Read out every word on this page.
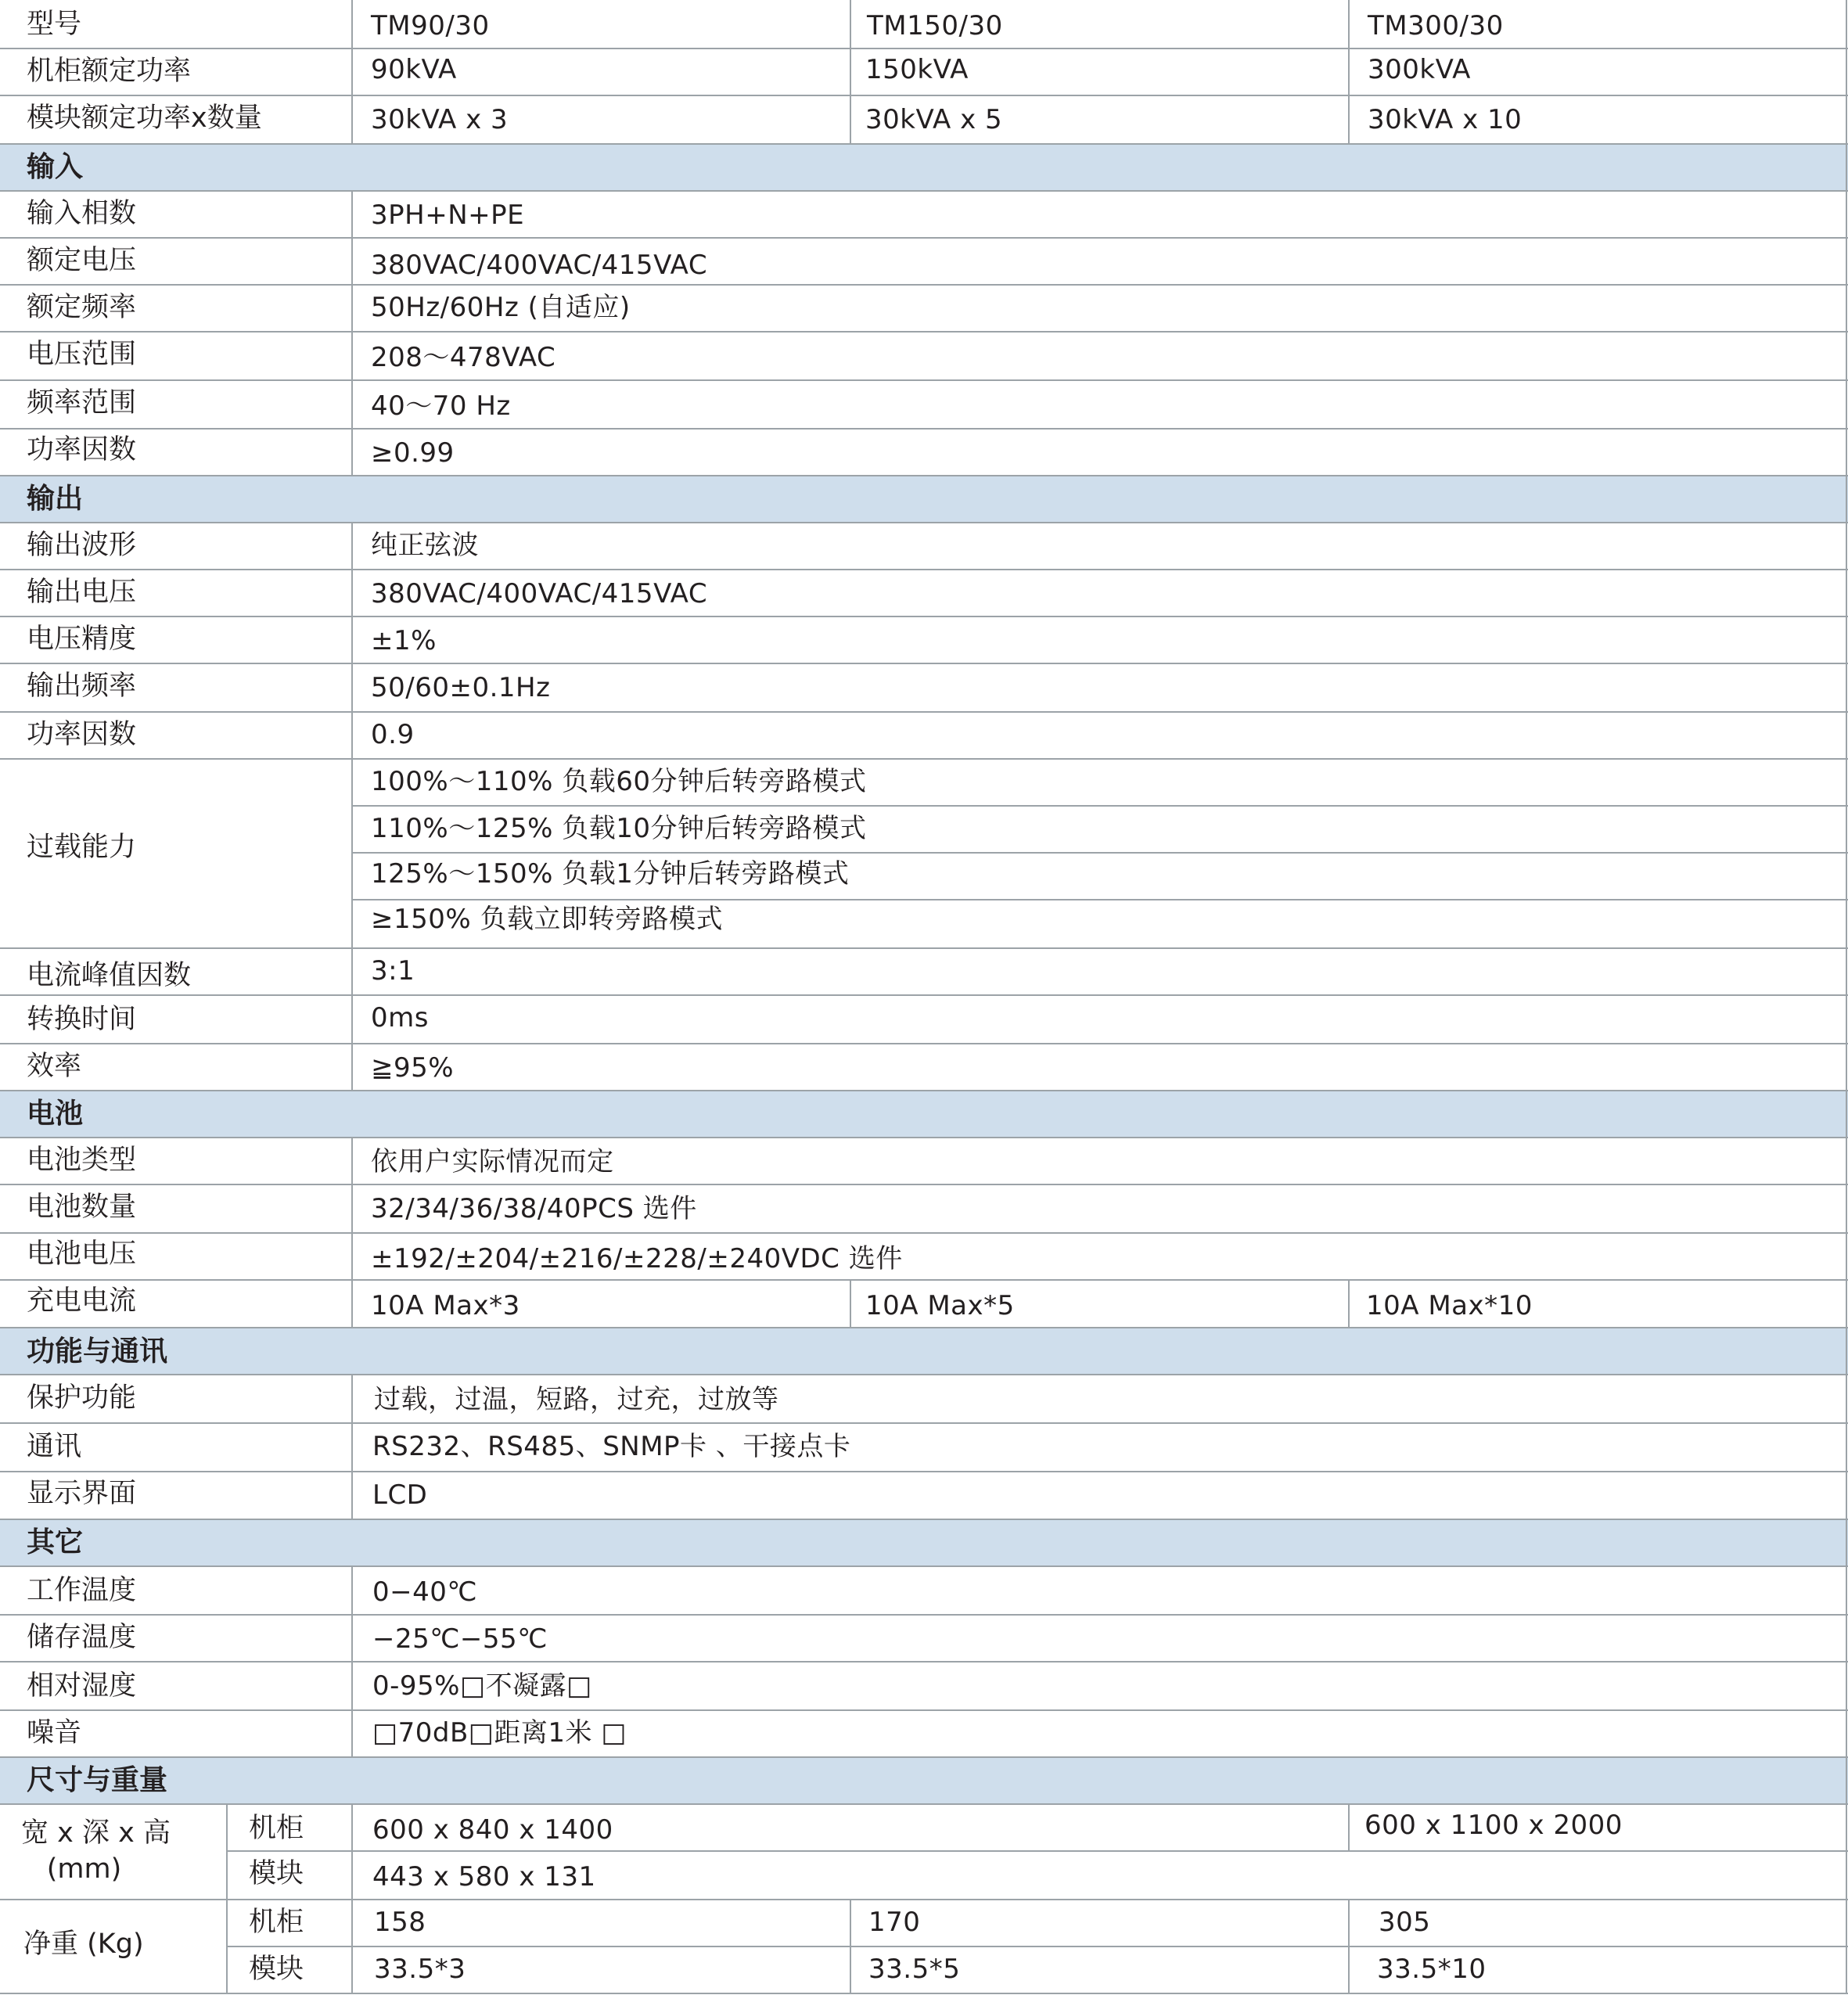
型号	TM90/30	TM150/30	TM300/30
机柜额定功率	90kVA	150kVA	300kVA
模块额定功率x数量	30kVA x 3	30kVA x 5	30kVA x 10
输入
输入相数	3PH+N+PE
额定电压	380VAC/400VAC/415VAC
额定频率	50Hz/60Hz (自适应)
电压范围	208～478VAC
频率范围	40～70 Hz
功率因数	≥0.99
输出
输出波形	纯正弦波
输出电压	380VAC/400VAC/415VAC
电压精度	±1%
输出频率	50/60±0.1Hz
功率因数	0.9
过载能力
100%～110% 负载60分钟后转旁路模式
110%～125% 负载10分钟后转旁路模式
125%～150% 负载1分钟后转旁路模式
≥150% 负载立即转旁路模式
电流峰值因数	3:1
转换时间	0ms
效率	≧95%
电池
电池类型	依用户实际情况而定
电池数量	32/34/36/38/40PCS 选件
电池电压	±192/±204/±216/±228/±240VDC 选件
充电电流	10A Max*3	10A Max*5	10A Max*10
功能与通讯
保护功能	过载，过温，短路，过充，过放等
通讯	RS232、RS485、SNMP卡 、干接点卡
显示界面	LCD
其它
工作温度	0−40℃
储存温度	−25℃−55℃
相对湿度	0-95%□不凝露□
噪音	□70dB□距离1米 □
尺寸与重量
宽 x 深 x 高
(mm)
机柜	600 x 840 x 1400	600 x 1100 x 2000
模块	443 x 580 x 131
净重 (Kg)
机柜	158	170	305
模块	33.5*3	33.5*5	33.5*10
